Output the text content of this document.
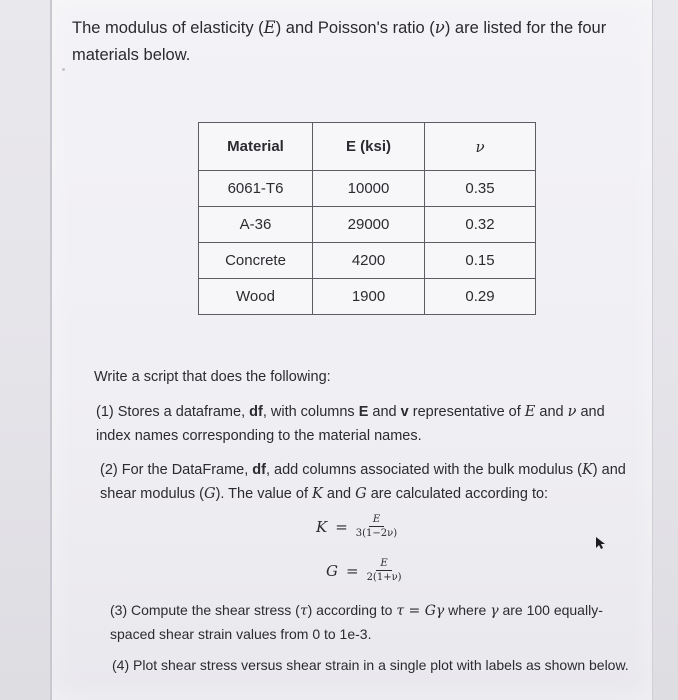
The modulus of elasticity (E) and Poisson's ratio (ν) are listed for the four materials below.

Material	E (ksi)	ν
6061-T6	10000	0.35
A-36	29000	0.32
Concrete	4200	0.15
Wood	1900	0.29

Write a script that does the following:

(1) Stores a dataframe, df, with columns E and v representative of E and ν and index names corresponding to the material names.

(2) For the DataFrame, df, add columns associated with the bulk modulus (K) and shear modulus (G). The value of K and G are calculated according to:

$K = \frac{E}{3(1-2\nu)}$
$G = \frac{E}{2(1+\nu)}$

(3) Compute the shear stress (τ) according to τ = Gγ where γ are 100 equally-spaced shear strain values from 0 to 1e-3.

(4) Plot shear stress versus shear strain in a single plot with labels as shown below.
